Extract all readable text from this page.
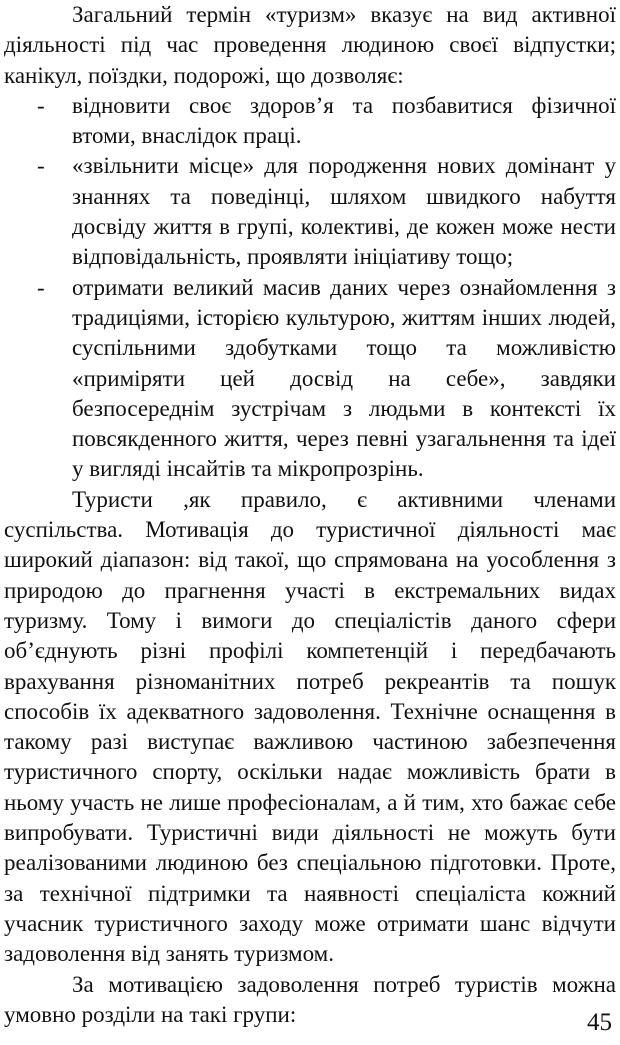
Загальний термін «туризм» вказує на вид активної діяльності під час проведення людиною своєї відпустки; канікул, поїздки, подорожі, що дозволяє:

- відновити своє здоров’я та позбавитися фізичної втоми, внаслідок праці.
- «звільнити місце» для породження нових домінант у знаннях та поведінці, шляхом швидкого набуття досвіду життя в групі, колективі, де кожен може нести відповідальність, проявляти ініціативу тощо;
- отримати великий масив даних через ознайомлення з традиціями, історією культурою, життям інших людей, суспільними здобутками тощо та можливістю «приміряти цей досвід на себе», завдяки безпосереднім зустрічам з людьми в контексті їх повсякденного життя, через певні узагальнення та ідеї у вигляді інсайтів та мікропрозрінь.

Туристи ,як правило, є активними членами суспільства. Мотивація до туристичної діяльності має широкий діапазон: від такої, що спрямована на уособлення з природою до прагнення участі в екстремальних видах туризму. Тому і вимоги до спеціалістів даного сфери об’єднують різні профілі компетенцій і передбачають врахування різноманітних потреб рекреантів та пошук способів їх адекватного задоволення. Технічне оснащення в такому разі виступає важливою частиною забезпечення туристичного спорту, оскільки надає можливість брати в ньому участь не лише професіоналам, а й тим, хто бажає себе випробувати. Туристичні види діяльності не можуть бути реалізованими людиною без спеціальною підготовки. Проте, за технічної підтримки та наявності спеціаліста кожний учасник туристичного заходу може отримати шанс відчути задоволення від занять туризмом.

За мотивацією задоволення потреб туристів можна умовно розділи на такі групи:	45
